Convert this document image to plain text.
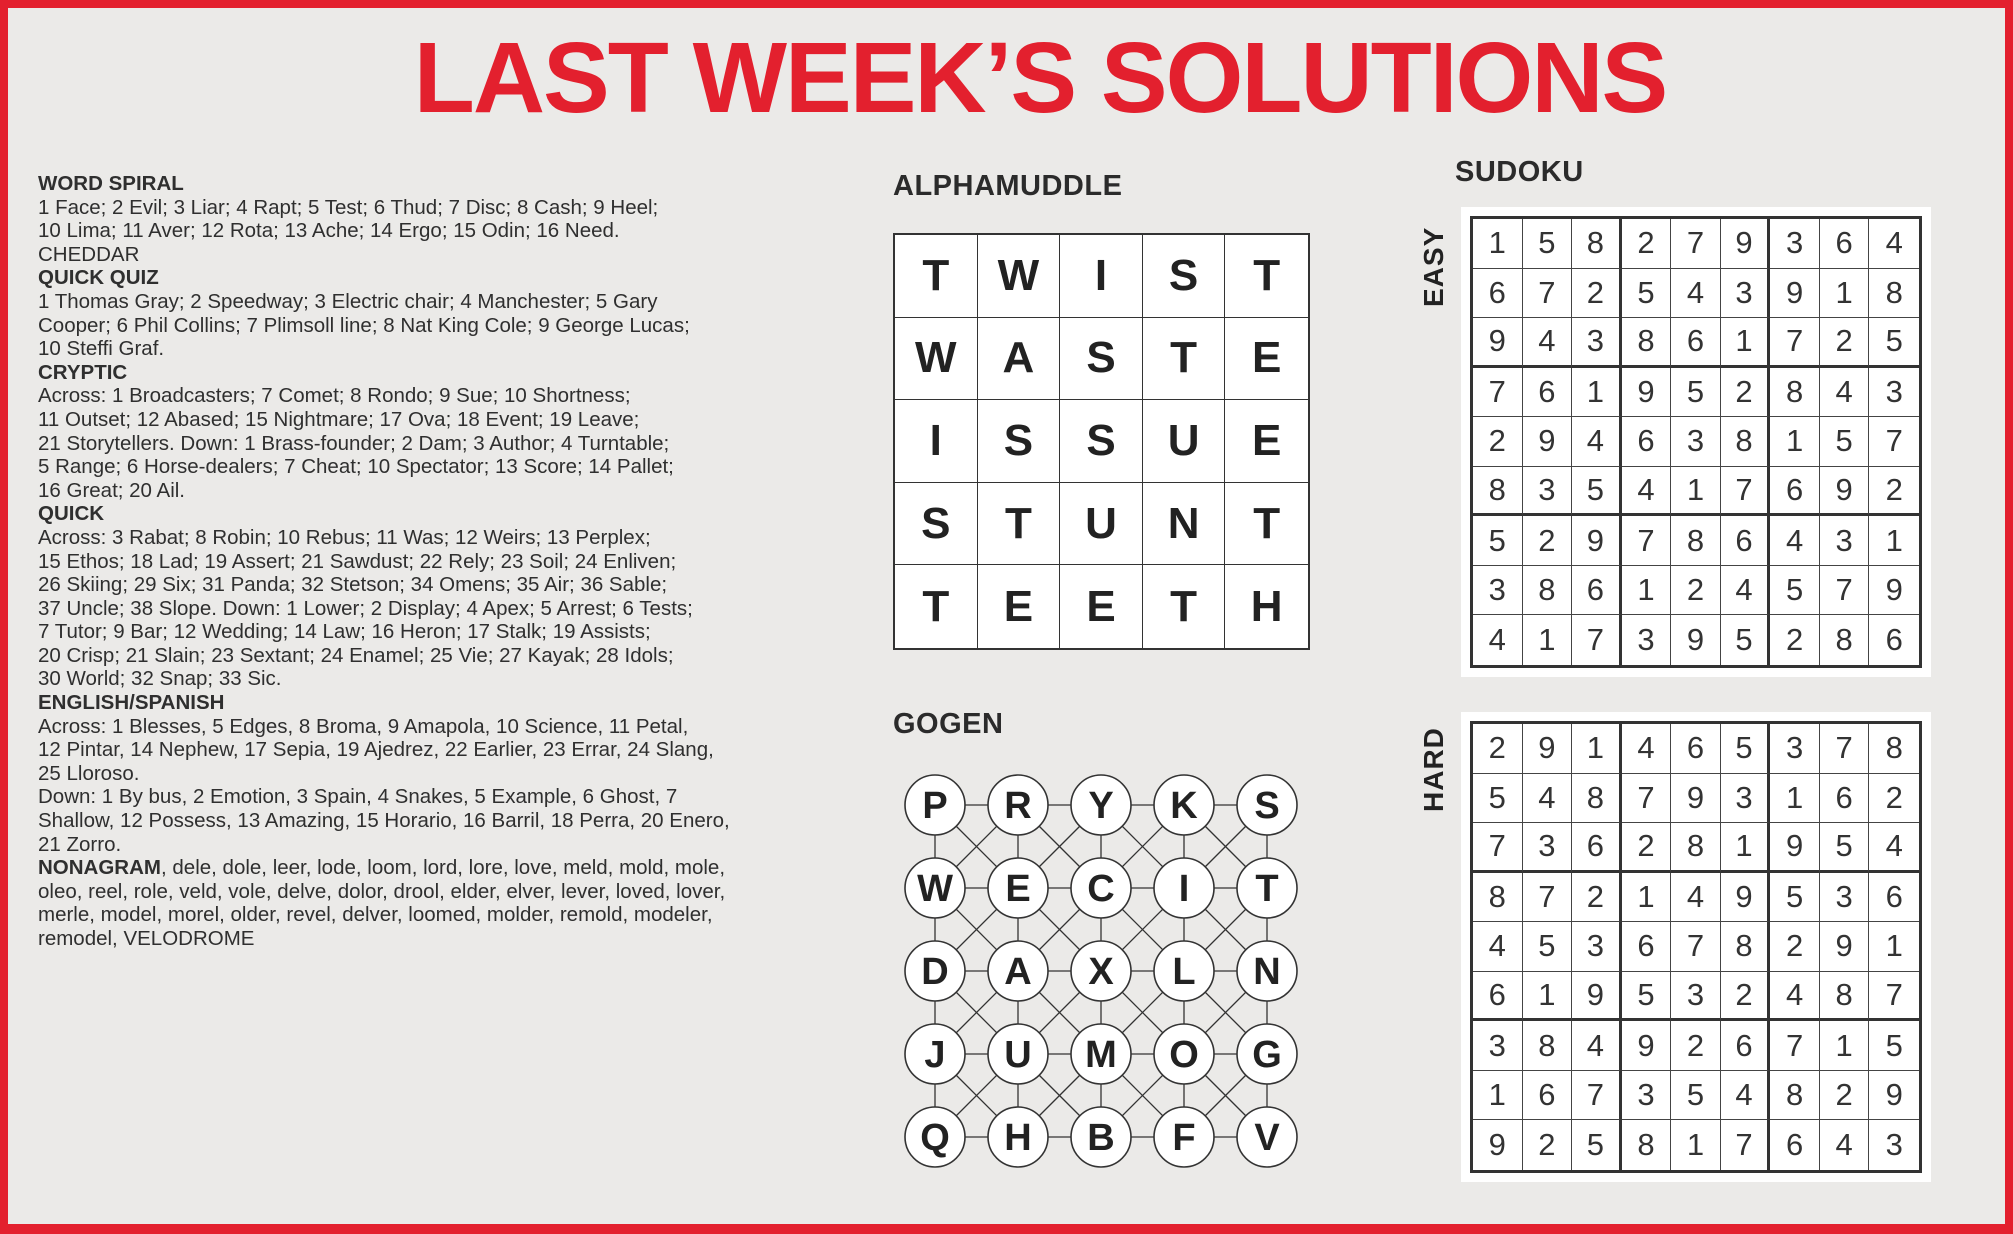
LAST WEEK’S SOLUTIONS
WORD SPIRAL
1 Face; 2 Evil; 3 Liar; 4 Rapt; 5 Test; 6 Thud; 7 Disc; 8 Cash; 9 Heel;
10 Lima; 11 Aver; 12 Rota; 13 Ache; 14 Ergo; 15 Odin; 16 Need.
CHEDDAR
QUICK QUIZ
1 Thomas Gray; 2 Speedway; 3 Electric chair; 4 Manchester; 5 Gary
Cooper; 6 Phil Collins; 7 Plimsoll line; 8 Nat King Cole; 9 George Lucas;
10 Steffi Graf.
CRYPTIC
Across: 1 Broadcasters; 7 Comet; 8 Rondo; 9 Sue; 10 Shortness;
11 Outset; 12 Abased; 15 Nightmare; 17 Ova; 18 Event; 19 Leave;
21 Storytellers. Down: 1 Brass-founder; 2 Dam; 3 Author; 4 Turntable;
5 Range; 6 Horse-dealers; 7 Cheat; 10 Spectator; 13 Score; 14 Pallet;
16 Great; 20 Ail.
QUICK
Across: 3 Rabat; 8 Robin; 10 Rebus; 11 Was; 12 Weirs; 13 Perplex;
15 Ethos; 18 Lad; 19 Assert; 21 Sawdust; 22 Rely; 23 Soil; 24 Enliven;
26 Skiing; 29 Six; 31 Panda; 32 Stetson; 34 Omens; 35 Air; 36 Sable;
37 Uncle; 38 Slope. Down: 1 Lower; 2 Display; 4 Apex; 5 Arrest; 6 Tests;
7 Tutor; 9 Bar; 12 Wedding; 14 Law; 16 Heron; 17 Stalk; 19 Assists;
20 Crisp; 21 Slain; 23 Sextant; 24 Enamel; 25 Vie; 27 Kayak; 28 Idols;
30 World; 32 Snap; 33 Sic.
ENGLISH/SPANISH
Across: 1 Blesses, 5 Edges, 8 Broma, 9 Amapola, 10 Science, 11 Petal,
12 Pintar, 14 Nephew, 17 Sepia, 19 Ajedrez, 22 Earlier, 23 Errar, 24 Slang,
25 Lloroso.
Down: 1 By bus, 2 Emotion, 3 Spain, 4 Snakes, 5 Example, 6 Ghost, 7
Shallow, 12 Possess, 13 Amazing, 15 Horario, 16 Barril, 18 Perra, 20 Enero,
21 Zorro.
NONAGRAM, dele, dole, leer, lode, loom, lord, lore, love, meld, mold, mole,
oleo, reel, role, veld, vole, delve, dolor, drool, elder, elver, lever, loved, lover,
merle, model, morel, older, revel, delver, loomed, molder, remold, modeler,
remodel, VELODROME
ALPHAMUDDLE
T	W	I	S	T
W	A	S	T	E
I	S	S	U	E
S	T	U	N	T
T	E	E	T	H
GOGEN
P R Y K S
W E C I T
D A X L N
J U M O G
Q H B F V
SUDOKU
EASY	1	5	8	2	7	9	3	6	4
6	7	2	5	4	3	9	1	8
9	4	3	8	6	1	7	2	5
7	6	1	9	5	2	8	4	3
2	9	4	6	3	8	1	5	7
8	3	5	4	1	7	6	9	2
5	2	9	7	8	6	4	3	1
3	8	6	1	2	4	5	7	9
4	1	7	3	9	5	2	8	6
HARD	2	9	1	4	6	5	3	7	8
5	4	8	7	9	3	1	6	2
7	3	6	2	8	1	9	5	4
8	7	2	1	4	9	5	3	6
4	5	3	6	7	8	2	9	1
6	1	9	5	3	2	4	8	7
3	8	4	9	2	6	7	1	5
1	6	7	3	5	4	8	2	9
9	2	5	8	1	7	6	4	3
